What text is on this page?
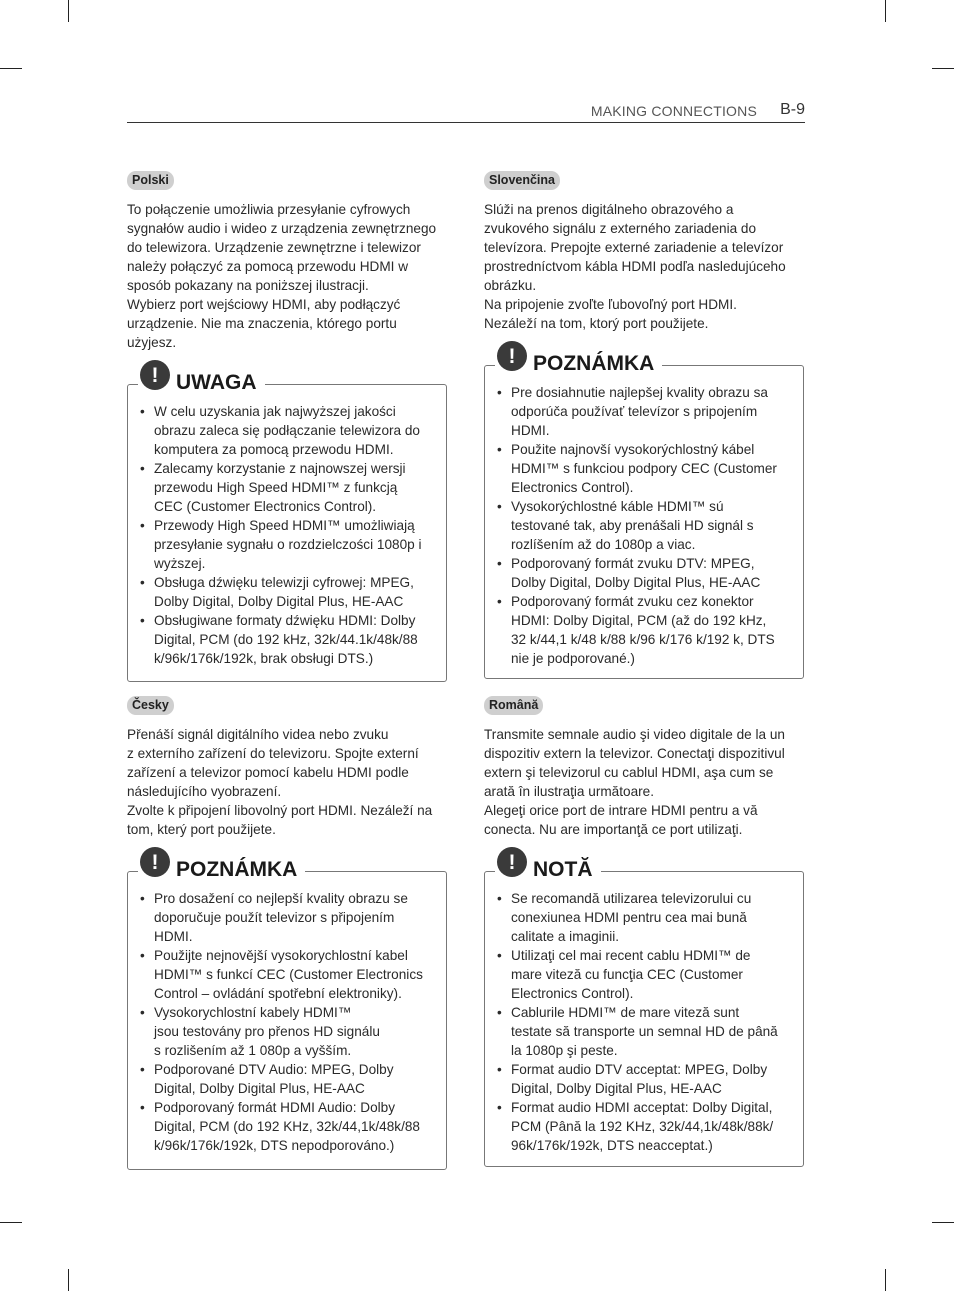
MAKING CONNECTIONS B-9
Polski

To połączenie umożliwia przesyłanie cyfrowych
sygnałów audio i wideo z urządzenia zewnętrznego
do telewizora. Urządzenie zewnętrzne i telewizor
należy połączyć za pomocą przewodu HDMI w
sposób pokazany na poniższej ilustracji.
Wybierz port wejściowy HDMI, aby podłączyć
urządzenie. Nie ma znaczenia, którego portu
użyjesz.

! UWAGA
• W celu uzyskania jak najwyższej jakości
obrazu zaleca się podłączanie telewizora do
komputera za pomocą przewodu HDMI.
• Zalecamy korzystanie z najnowszej wersji
przewodu High Speed HDMI™ z funkcją
CEC (Customer Electronics Control).
• Przewody High Speed HDMI™ umożliwiają
przesyłanie sygnału o rozdzielczości 1080p i
wyższej.
• Obsługa dźwięku telewizji cyfrowej: MPEG,
Dolby Digital, Dolby Digital Plus, HE-AAC
• Obsługiwane formaty dźwięku HDMI: Dolby
Digital, PCM (do 192 kHz, 32k/44.1k/48k/88
k/96k/176k/192k, brak obsługi DTS.)
Slovenčina

Slúži na prenos digitálneho obrazového a
zvukového signálu z externého zariadenia do
televízora. Prepojte externé zariadenie a televízor
prostredníctvom kábla HDMI podľa nasledujúceho
obrázku.
Na pripojenie zvoľte ľubovoľný port HDMI.
Nezáleží na tom, ktorý port použijete.

! POZNÁMKA
• Pre dosiahnutie najlepšej kvality obrazu sa
odporúča používať televízor s pripojením
HDMI.
• Použite najnovší vysokorýchlostný kábel
HDMI™ s funkciou podpory CEC (Customer
Electronics Control).
• Vysokorýchlostné káble HDMI™ sú
testované tak, aby prenášali HD signál s
rozlíšením až do 1080p a viac.
• Podporovaný formát zvuku DTV: MPEG,
Dolby Digital, Dolby Digital Plus, HE-AAC
• Podporovaný formát zvuku cez konektor
HDMI: Dolby Digital, PCM (až do 192 kHz,
32 k/44,1 k/48 k/88 k/96 k/176 k/192 k, DTS
nie je podporované.)
Česky

Přenáší signál digitálního videa nebo zvuku
z externího zařízení do televizoru. Spojte externí
zařízení a televizor pomocí kabelu HDMI podle
následujícího vyobrazení.
Zvolte k připojení libovolný port HDMI. Nezáleží na
tom, který port použijete.

! POZNÁMKA
• Pro dosažení co nejlepší kvality obrazu se
doporučuje použít televizor s připojením
HDMI.
• Použijte nejnovější vysokorychlostní kabel
HDMI™ s funkcí CEC (Customer Electronics
Control – ovládání spotřební elektroniky).
• Vysokorychlostní kabely HDMI™
jsou testovány pro přenos HD signálu
s rozlišením až 1 080p a vyšším.
• Podporované DTV Audio: MPEG, Dolby
Digital, Dolby Digital Plus, HE-AAC
• Podporovaný formát HDMI Audio: Dolby
Digital, PCM (do 192 KHz, 32k/44,1k/48k/88
k/96k/176k/192k, DTS nepodporováno.)
Română

Transmite semnale audio şi video digitale de la un
dispozitiv extern la televizor. Conectaţi dispozitivul
extern şi televizorul cu cablul HDMI, aşa cum se
arată în ilustraţia următoare.
Alegeţi orice port de intrare HDMI pentru a vă
conecta. Nu are importanţă ce port utilizaţi.

! NOTĂ
• Se recomandă utilizarea televizorului cu
conexiunea HDMI pentru cea mai bună
calitate a imaginii.
• Utilizaţi cel mai recent cablu HDMI™ de
mare viteză cu funcţia CEC (Customer
Electronics Control).
• Cablurile HDMI™ de mare viteză sunt
testate să transporte un semnal HD de până
la 1080p şi peste.
• Format audio DTV acceptat: MPEG, Dolby
Digital, Dolby Digital Plus, HE-AAC
• Format audio HDMI acceptat: Dolby Digital,
PCM (Până la 192 KHz, 32k/44,1k/48k/88k/
96k/176k/192k, DTS neacceptat.)
